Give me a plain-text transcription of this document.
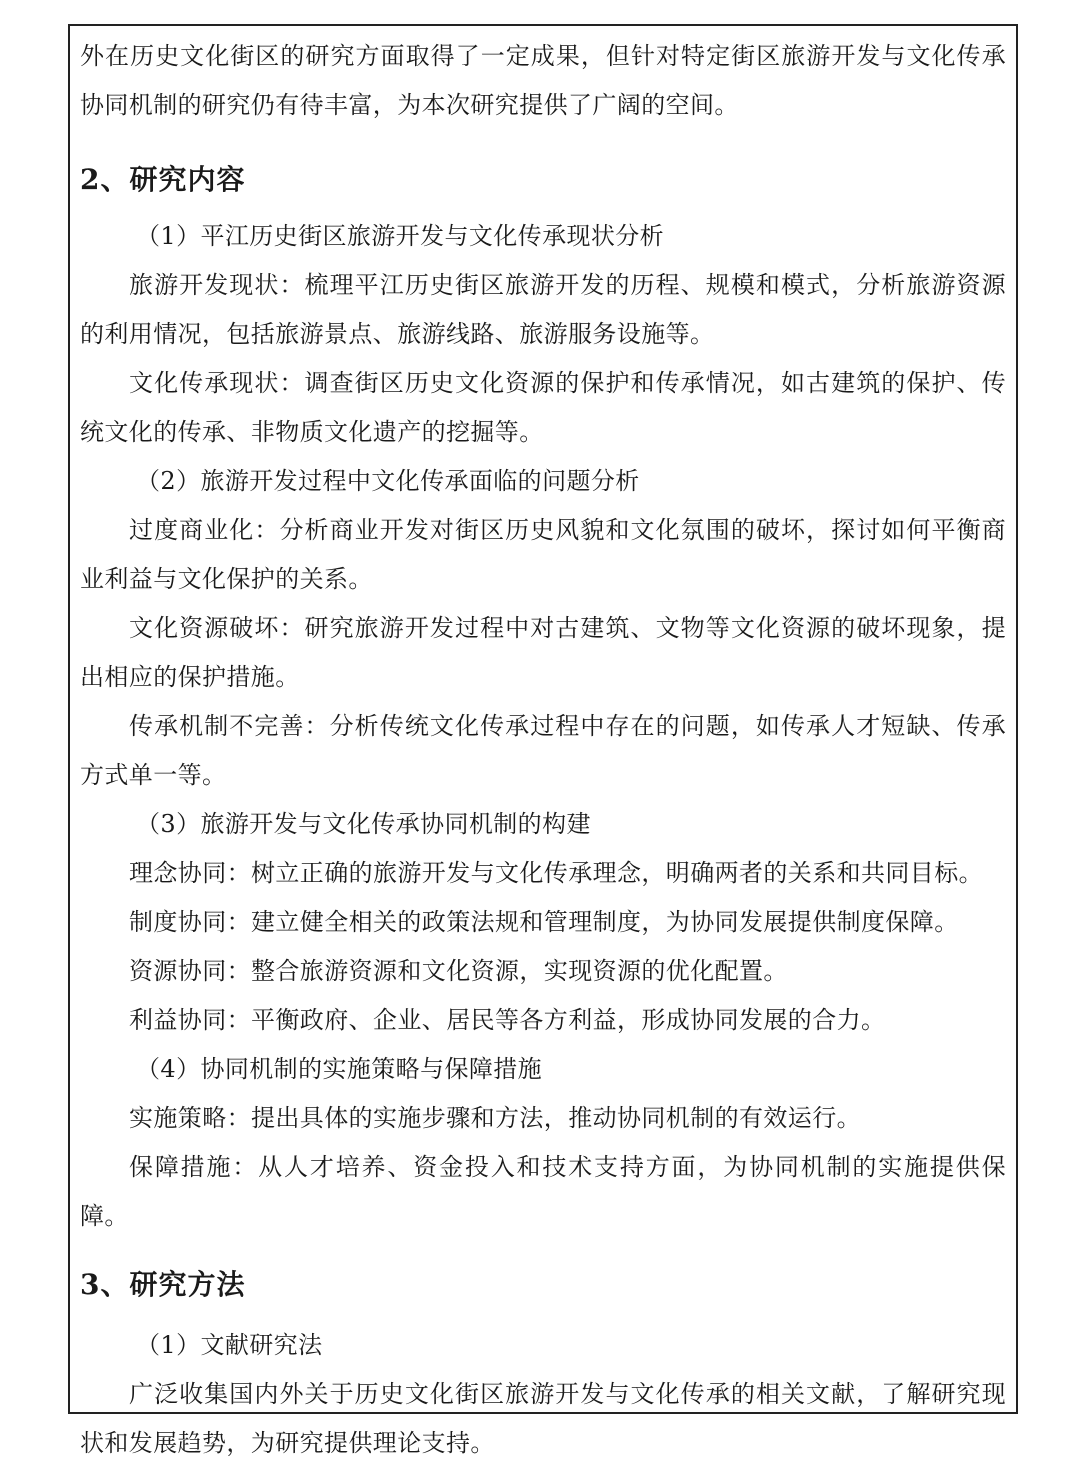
外在历史文化街区的研究方面取得了一定成果，但针对特定街区旅游开发与文化传承协同机制的研究仍有待丰富，为本次研究提供了广阔的空间。

2、研究内容

（1）平江历史街区旅游开发与文化传承现状分析

旅游开发现状：梳理平江历史街区旅游开发的历程、规模和模式，分析旅游资源的利用情况，包括旅游景点、旅游线路、旅游服务设施等。

文化传承现状：调查街区历史文化资源的保护和传承情况，如古建筑的保护、传统文化的传承、非物质文化遗产的挖掘等。

（2）旅游开发过程中文化传承面临的问题分析

过度商业化：分析商业开发对街区历史风貌和文化氛围的破坏，探讨如何平衡商业利益与文化保护的关系。

文化资源破坏：研究旅游开发过程中对古建筑、文物等文化资源的破坏现象，提出相应的保护措施。

传承机制不完善：分析传统文化传承过程中存在的问题，如传承人才短缺、传承方式单一等。

（3）旅游开发与文化传承协同机制的构建

理念协同：树立正确的旅游开发与文化传承理念，明确两者的关系和共同目标。

制度协同：建立健全相关的政策法规和管理制度，为协同发展提供制度保障。

资源协同：整合旅游资源和文化资源，实现资源的优化配置。

利益协同：平衡政府、企业、居民等各方利益，形成协同发展的合力。

（4）协同机制的实施策略与保障措施

实施策略：提出具体的实施步骤和方法，推动协同机制的有效运行。

保障措施：从人才培养、资金投入和技术支持方面，为协同机制的实施提供保障。

3、研究方法

（1）文献研究法

广泛收集国内外关于历史文化街区旅游开发与文化传承的相关文献，了解研究现状和发展趋势，为研究提供理论支持。
